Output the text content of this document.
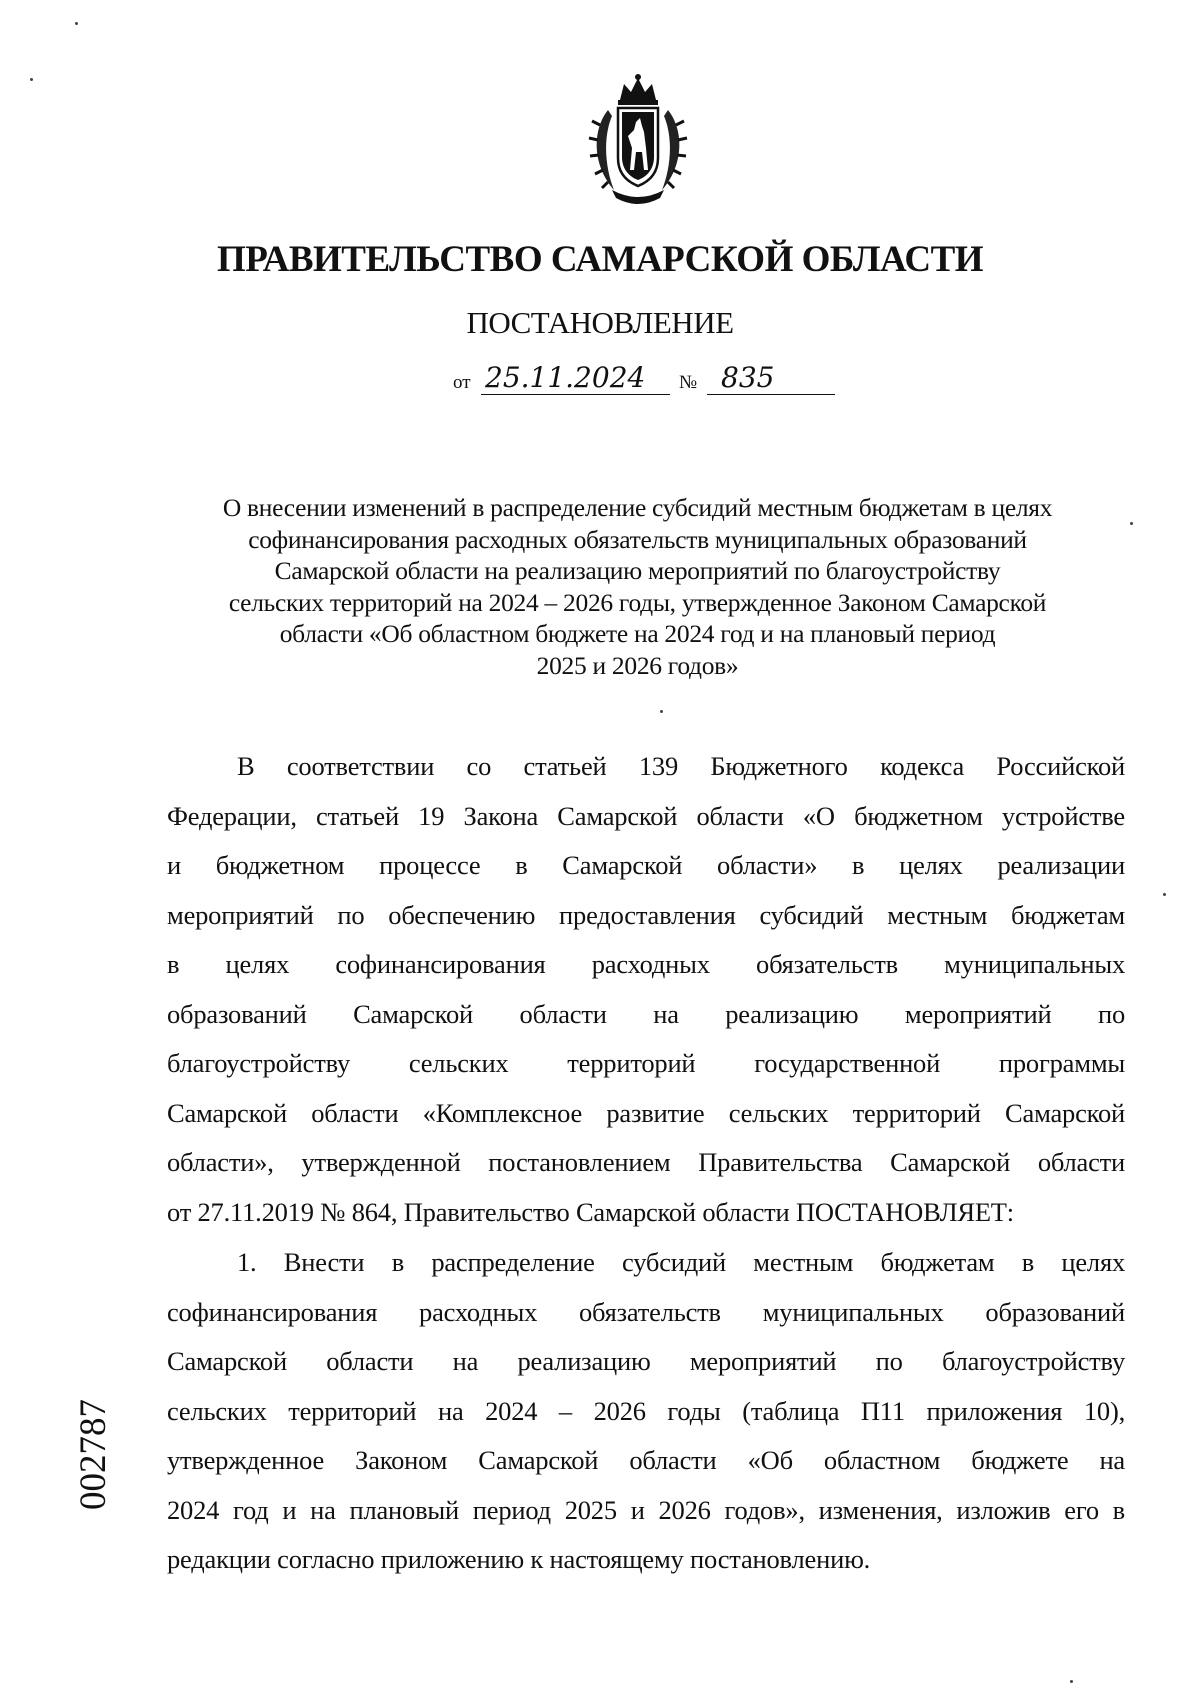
ПРАВИТЕЛЬСТВО САМАРСКОЙ ОБЛАСТИ
ПОСТАНОВЛЕНИЕ
от 25.11.2024	№ 835
О внесении изменений в распределение субсидий местным бюджетам в целях
софинансирования расходных обязательств муниципальных образований
Самарской области на реализацию мероприятий по благоустройству
сельских территорий на 2024 – 2026 годы, утвержденное Законом Самарской
области «Об областном бюджете на 2024 год и на плановый период
2025 и 2026 годов»
В соответствии со статьей 139 Бюджетного кодекса Российской
Федерации, статьей 19 Закона Самарской области «О бюджетном устройстве
и бюджетном процессе в Самарской области» в целях реализации
мероприятий по обеспечению предоставления субсидий местным бюджетам
в целях софинансирования расходных обязательств муниципальных
образований Самарской области на реализацию мероприятий по
благоустройству сельских территорий государственной программы
Самарской области «Комплексное развитие сельских территорий Самарской
области», утвержденной постановлением Правительства Самарской области
от 27.11.2019 № 864, Правительство Самарской области ПОСТАНОВЛЯЕТ:
1. Внести в распределение субсидий местным бюджетам в целях
софинансирования расходных обязательств муниципальных образований
Самарской области на реализацию мероприятий по благоустройству
сельских территорий на 2024 – 2026 годы (таблица П11 приложения 10),
утвержденное Законом Самарской области «Об областном бюджете на
2024 год и на плановый период 2025 и 2026 годов», изменения, изложив его в
редакции согласно приложению к настоящему постановлению.
002787
